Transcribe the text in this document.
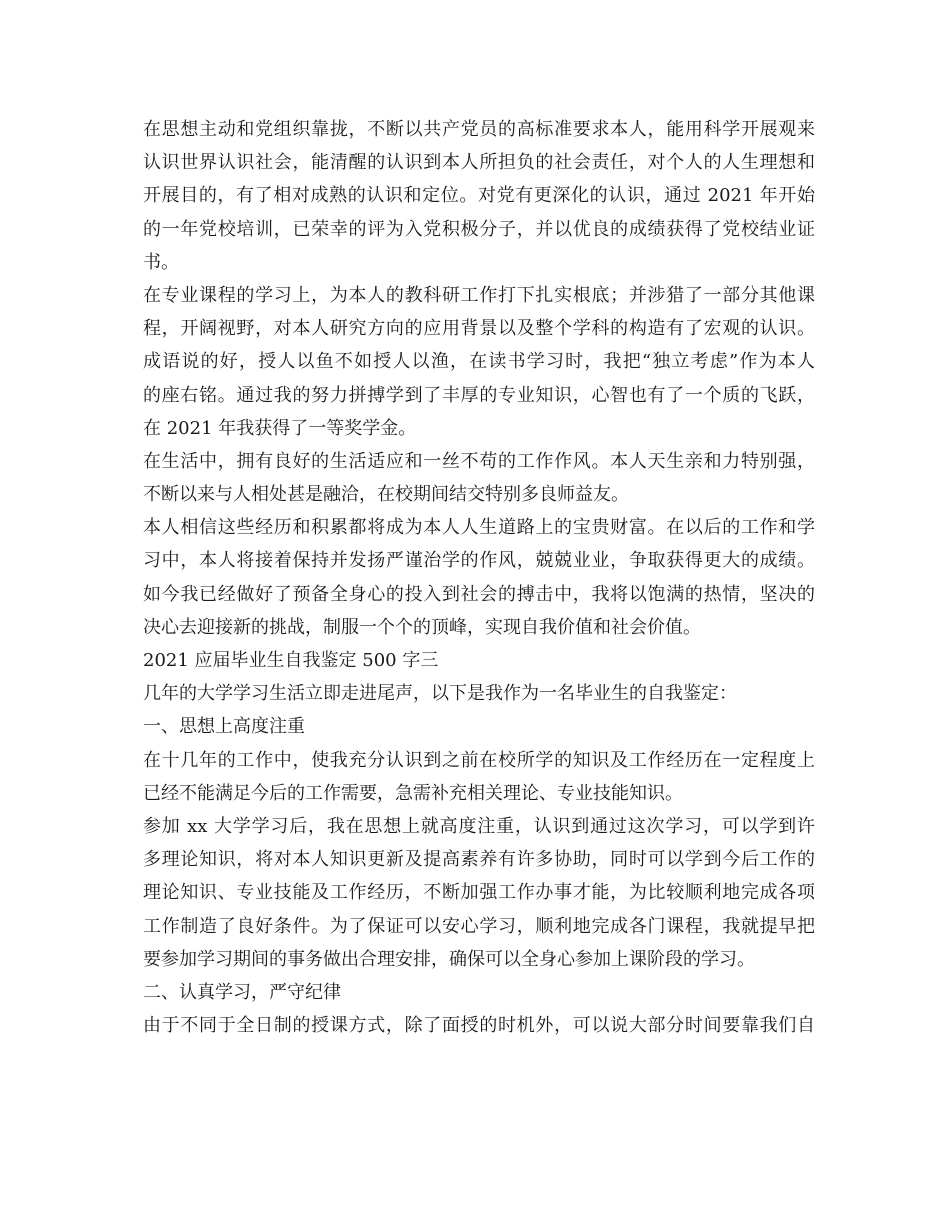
在思想主动和党组织靠拢，不断以共产党员的高标准要求本人，能用科学开展观来
认识世界认识社会，能清醒的认识到本人所担负的社会责任，对个人的人生理想和
开展目的，有了相对成熟的认识和定位。对党有更深化的认识，通过 2021 年开始
的一年党校培训，已荣幸的评为入党积极分子，并以优良的成绩获得了党校结业证
书。
在专业课程的学习上，为本人的教科研工作打下扎实根底；并涉猎了一部分其他课
程，开阔视野，对本人研究方向的应用背景以及整个学科的构造有了宏观的认识。
成语说的好，授人以鱼不如授人以渔，在读书学习时，我把“独立考虑”作为本人
的座右铭。通过我的努力拼搏学到了丰厚的专业知识，心智也有了一个质的飞跃，
在 2021 年我获得了一等奖学金。
在生活中，拥有良好的生活适应和一丝不苟的工作作风。本人天生亲和力特别强，
不断以来与人相处甚是融洽，在校期间结交特别多良师益友。
本人相信这些经历和积累都将成为本人人生道路上的宝贵财富。在以后的工作和学
习中，本人将接着保持并发扬严谨治学的作风，兢兢业业，争取获得更大的成绩。
如今我已经做好了预备全身心的投入到社会的搏击中，我将以饱满的热情，坚决的
决心去迎接新的挑战，制服一个个的顶峰，实现自我价值和社会价值。
2021 应届毕业生自我鉴定 500 字三
几年的大学学习生活立即走进尾声，以下是我作为一名毕业生的自我鉴定：
一、思想上高度注重
在十几年的工作中，使我充分认识到之前在校所学的知识及工作经历在一定程度上
已经不能满足今后的工作需要，急需补充相关理论、专业技能知识。
参加 xx 大学学习后，我在思想上就高度注重，认识到通过这次学习，可以学到许
多理论知识，将对本人知识更新及提高素养有许多协助，同时可以学到今后工作的
理论知识、专业技能及工作经历，不断加强工作办事才能，为比较顺利地完成各项
工作制造了良好条件。为了保证可以安心学习，顺利地完成各门课程，我就提早把
要参加学习期间的事务做出合理安排，确保可以全身心参加上课阶段的学习。
二、认真学习，严守纪律
由于不同于全日制的授课方式，除了面授的时机外，可以说大部分时间要靠我们自
